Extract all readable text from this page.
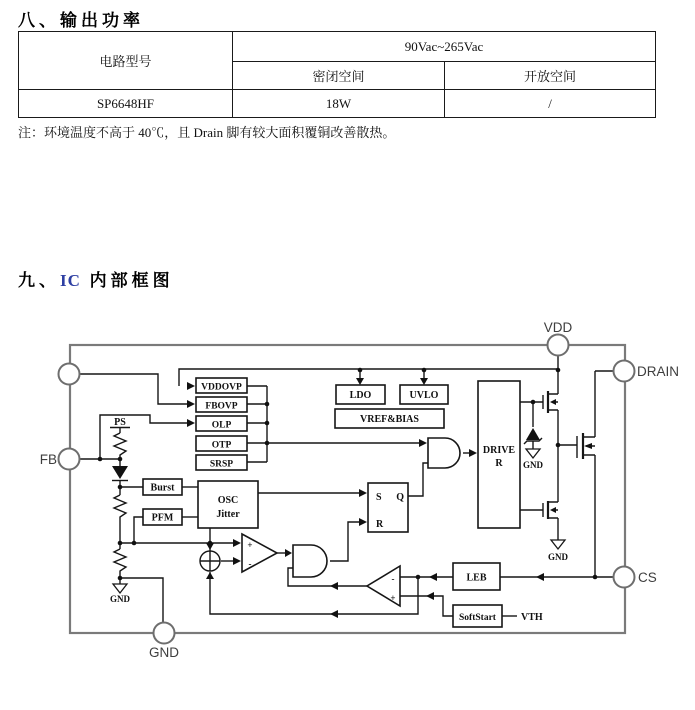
八、输出功率
电路型号	90Vac~265Vac	
	密闭空间	开放空间
SP6648HF	18W	/
注：环境温度不高于 40℃，且 Drain 脚有较大面积覆铜改善散热。
九、IC 内部框图
GND
PS
VDDOVP
FBOVP
OLP
OTP
SRSP
LDO	UVLO
VREF&BIAS
Burst
PFM
OSC
Jitter
+
-
S Q
R
DRIVE
R
-
+
LEB
SoftStart	VTH
GND
GND
FB
VDD
DRAIN
CS
GND
